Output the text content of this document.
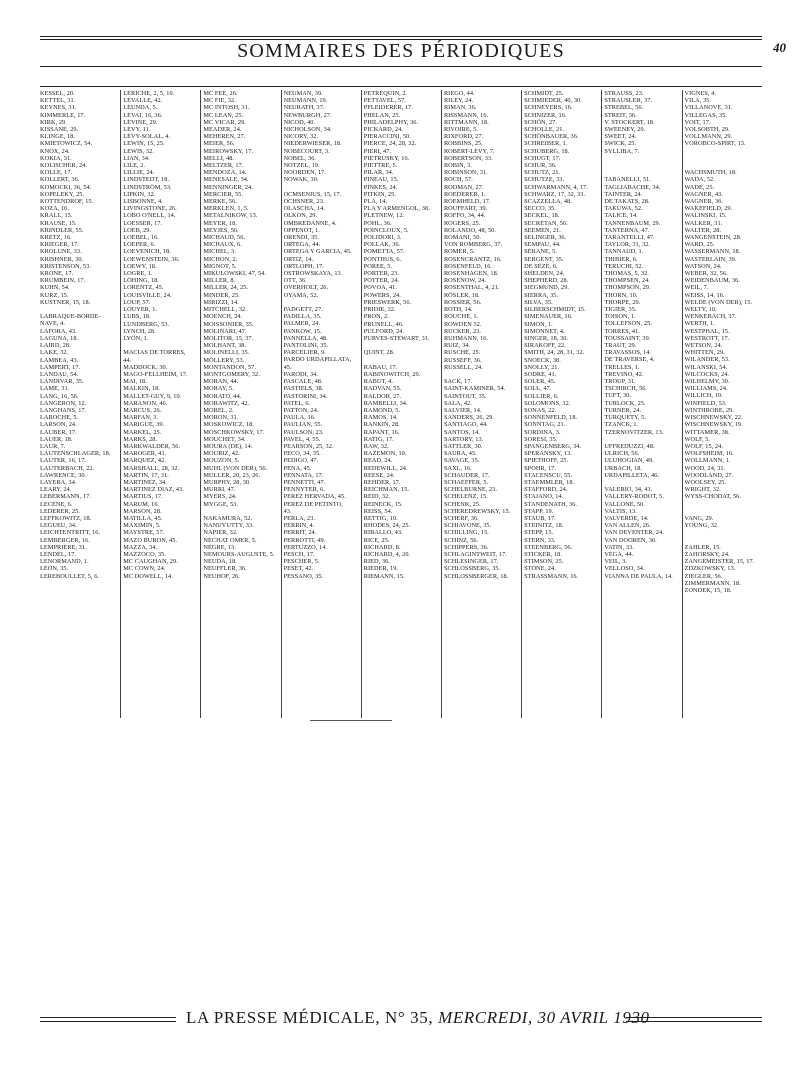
SOMMAIRES DES PÉRIODIQUES	40
KESSEL, 20.
KETTEL, 31.
KEYNES, 31.
KIMMERLE, 17.
KIRK, 29.
KISSANE, 29.
KLINGE, 18.
KMIETOWICZ, 54.
KNOX, 24.
KOKIA, 31.
KOLISCHER, 24.
KOLLE, 17.
KOLLERT, 36.
KOMOCKI, 36, 54.
KOPELEKY, 25.
KOTTENDROF, 15.
KOZA, 16.
KRALL, 15.
KRAUSE, 15.
KRINDLER, 55.
KRETZ, 16.
KRIEGER, 17.
KROLUNE, 33.
KRISHNER, 30.
KRISTENSON, 53.
KRONE, 17.
KRUMBEIN, 17.
KUHN, 54.
KURZ, 15.
KUSTNER, 15, 18.
LABRAQUE-BORDE-
NAVE, 4.
LAFORA, 43.
LAGUNA, 18.
LAIRD, 28.
LAKE, 32.
LAMBEA, 43.
LAMPERT, 17.
LANDAU, 54.
LANDIVAR, 35.
LAME, 31.
LANG, 16, 56.
LANGERON, 12.
LANGHANS, 17.
LAROCHE, 5.
LARSON, 24.
LAUBER, 17.
LAUER, 18.
LAUR, 7.
LAUTENSCHLAGER, 18.
LAUTER, 16, 17.
LAUTERBACH, 22.
LAWRENCE, 30.
LAYERA, 34.
LEARY, 24.
LEBERMANN, 17.
LECÈNE, 6.
LEDERER, 25.
LEFFKOWITZ, 18.
LEGUEU, 34.
LEICHTENTRITT, 16.
LEMBERGER, 16.
LEMPRIÈRE, 31.
LENDEL, 17.
LENORMAND, 1.
LÉON, 35.
LEREBOULLET, 5, 6.
LERICHE, 2, 5, 10.
LEVALLE, 42.
LÉUNDA, 5.
LÉVAI, 16, 36.
LÉVINE, 29.
LÉVY, 11.
LÉVY-SOLAL, 4.
LEWIN, 15, 25.
LEWIS, 32.
LIAN, 34.
LILE, 2.
LILLIE, 24.
LINDSTEDT, 18.
LINDSTRÖM, 53.
LIPKIN, 32.
LISBONNE, 4.
LIVINGSTONE, 26.
LOBO O'NELL, 14.
LOESSER, 17.
LOEB, 29.
LOEBEL, 16.
LOEPER, 6.
LOEVENICH, 18.
LOEWENSTEIN, 36.
LOEWY, 18.
LOGRE, 1.
LÖHING, 18.
LORENTZ, 45.
LOUISVILLE, 24.
LOUP, 57.
LOUYER, 1.
LUBS, 18.
LUNDBERG, 53.
LYNCH, 28.
LYON, 1.
MACIAS DE TORRES,
44.
MADDOCK, 30.
MAGO-FELLHEIM, 17.
MAI, 18.
MALKIN, 18.
MALLET-GUY, 9, 10.
MARANON, 46.
MARCUS, 26.
MARFAN, 3.
MARIGUE, 39.
MARKEL, 25.
MARKS, 28.
MARKWALDER, 56.
MAROGER, 41.
MARQUEZ, 42.
MARSHALL, 28, 32.
MARTIN, 17, 31.
MARTINEZ, 34.
MARTINEZ DIAZ, 43.
MARTIUS, 17.
MARUM, 16.
MARSON, 28.
MATILLA, 45.
MAXIMIN, 5.
MAYSTRE, 57.
MAZO BURON, 45.
MAZZA, 34.
MAZZOCO, 35.
MC CAUGHAN, 29.
MC COWN, 24.
MC DOWELL, 14.
MC FEE, 26.
MC FIE, 32.
MC INTOSH, 31.
MC LEAN, 25.
MC VICAR, 29.
MEADER, 24.
MEHEREN, 27.
MEIER, 56.
MEIROWSKY, 17.
MELLI, 48.
MELTZER, 17.
MENDOZA, 14.
MENESALE, 34.
MENNINGER, 24.
MERCIER, 55.
MERKE, 56.
MERKLEN, 1, 5.
METALNIKOW, 13.
MEYER, 18.
MEYJES, 56.
MICHAUD, 56.
MICHAUX, 6.
MICHEL, 3.
MICHON, 2.
MIGNOT, 5.
MIKULOWSKI, 47, 54.
MILLER, 8.
MILLER, 24, 25.
MINDER, 25.
MIRIZZI, 14.
MITCHELL, 32.
MOENCH, 24.
MOISSONIER, 35.
MOLINARI, 47.
MOLITOR, 15, 37.
MOLHANT, 38.
MOLINELLI, 35.
MÖLLERY, 53.
MONTANDON, 57.
MONTGOMERY, 32.
MORAN, 44.
MORAY, 5.
MORATO, 44.
MORAWITZ, 42.
MOREL, 2.
MORON, 31.
MOSKOWICZ, 18.
MOSCHKOWSKY, 17.
MOUCHET, 34.
MOURA (DE), 14.
MOURIZ, 42.
MOUZON, 5.
MUHL (VON DER), 56.
MULLER, 20, 23, 26.
MURPHY, 28, 30.
MURRI, 47.
MYERS, 24.
MYGGE, 53.
NAKAMURA, 52.
NANUVUTTY, 33.
NAPIER, 32.
NÉCHAT OMER, 5.
NÈGRE, 13.
NEMOURS-AUGUSTE, 5.
NEUDA, 18.
NEUFFLER, 36.
NEUHOF, 26.
NEUMAN, 39.
NEUMANN, 19.
NEURATH, 37.
NEWBURGH, 27.
NICOD, 40.
NICHOLSON, 34.
NICORY, 32.
NIEDERWIESER, 18.
NOBÉCOURT, 3.
NOBEL, 36.
NOTZEL, 19.
NOORDEN, 17.
NOWAK, 30.
OCMSENIUS, 15, 17.
OCHSNER, 23.
OLASCHA, 14.
OLKON, 29.
OMBRÉDANNE, 4.
OPPENOT, 1.
ORENDI, 35.
ORTEGA, 44.
ORTEGA Y GARCIA, 45.
ORTIZ, 14.
ORTLOPH, 17.
OSTROWSKAYA, 13.
OTT, 36.
OVERHOLT, 26.
OYAMA, 52.
PADGETT, 27.
PADILLA, 35.
PALMER, 24.
PANKOW, 15.
PANNELLA, 48.
PANTOLINI, 35.
PARCELIER, 9.
PARDO URDAPILLATA,
45.
PARODI, 34.
PASCALE, 48.
PASTIELS, 38.
PASTORINI, 34.
PATEL, 6.
PATTON, 24.
PAULA, 16.
PAULIAN, 55.
PAULSON, 23.
PAVEL, 4, 55.
PEARSON, 25, 32.
PECO, 34, 35.
PEDIGO, 47.
PENA, 45.
PENNATA, 17.
PENNETTI, 47.
PENNYTER, 6.
PEREZ HERVADA, 45.
PEREZ DE PETINTO,
43.
PERLA, 23.
PERRIN, 4.
PERRIT, 24.
PERROTTI, 49.
PERTUZZO, 14.
PESCH, 17.
PESCHER, 5.
PESET, 42.
PESSANO, 35.
PETREQUIN, 2.
PETTAVEL, 57.
PFLEIDERER, 17.
PHELAN, 25.
PHILADELPHY, 36.
PICKARD, 24.
PIERACCINI, 50.
PIERCE, 24, 28, 32.
PIERI, 47.
PIETRUSKY, 16.
PIETTRE, 5.
PILAR, 34.
PINEAU, 15.
PINKES, 24.
PITKIN, 25.
PLA, 14.
PLA Y ARMENGOL, 38.
PLETNEW, 12.
POHL, 36.
POINCLOUX, 5.
POLIDORI, 3.
POLLAK, 36.
POMETTA, 57.
PONTHUS, 6.
POREE, 5.
PORTER, 23.
POTTER, 24.
POVOA, 41.
POWERS, 24.
PRIESWERK, 56.
PRIDIE, 32.
PRON, 2.
PRUNELL, 46.
PULFORD, 24.
PURVES-STEWART, 31.
QUINT, 28.
RABAU, 17.
RABINOWITCH, 29.
RABUT, 4.
RADVAN, 55.
RALDOR, 27.
RAMBELLI, 34.
RAMOND, 5.
RAMOS, 14.
RANKIN, 28.
RAPANT, 16.
RATIG, 17.
RAW, 32.
RAZEMON, 10.
READ, 24.
REDEWILL, 24.
REESE, 24.
REHDER, 17.
REICHMAN, 15.
REID, 32.
REINECK, 15.
REISS, 54.
RETTIG, 19.
RHODES, 24, 25.
RIBALLO, 43.
RICE, 25.
RICHARD, 8.
RICHARD, 4, 20.
RIED, 36.
RIEDER, 19.
RIEMANN, 15.
RIEGO, 44.
RILEY, 24.
RIMAN, 36.
RISSMANN, 16.
RITTMANN, 18.
RIVOIRE, 5.
RIXFORD, 27.
ROBBINS, 25.
ROBERT-LÉVY, 7.
ROBERTSON, 33.
ROBIN, 3.
ROBINSON, 31.
ROCH, 57.
RODMAN, 27.
ROEDERER, 1.
ROEMHELD, 17.
ROUFFART, 39.
ROFFO, 34, 44.
ROGERS, 25.
ROLANDO, 48, 50.
ROMANI, 50.
VON ROMBERG, 37.
ROMER, 5.
ROSENCRANTZ, 16.
ROSENFELD, 16.
ROSENHAGEN, 18.
ROSENOW, 24.
ROSENTHAL, 4, 21.
RÖSLER, 18.
ROSSIER, 56.
ROTH, 14.
ROUCHÉ, 1.
ROWDEN 32.
RUCKER, 23.
RUHMANN, 16.
RUIZ, 34.
RUSCHE, 25.
RUSSEFF, 36.
RUSSELL, 24.
SACK, 17.
SAINT-KAMINER, 54.
SAINTOUT, 35.
SALA, 42.
SALVIER, 14.
SANDERS, 26, 29.
SANTIAGO, 44.
SANTOS, 14.
SARTORY, 13.
SATTLER, 30.
SAURA, 45.
SAVAGE, 35.
SAXL, 16.
SCHAUDER, 17.
SCHAEFFER, 5.
SCHELBURNE, 23.
SCHELENZ, 15.
SCHENK, 25.
SCHEREDREWSKY, 15.
SCHERF, 36.
SCHIAVONE, 35.
SCHILLING, 15.
SCHINZ, 56.
SCHIPPERS, 36.
SCHLAGINTWEIT, 17.
SCHLESINGER, 17.
SCHLOSSBERG, 35.
SCHLOSSBERGER, 18.
SCHMIDT, 25.
SCHMIEDER, 40, 30.
SCHNEYERS, 16.
SCHNIZER, 16.
SCHÖN, 27.
SCHOLLE, 21.
SCHÖNBAUER, 36.
SCHREIBER, 1.
SCHUBERG, 18.
SCHUGT, 17.
SCHUR, 36.
SCHUTZ, 21.
SCHUTZE, 33.
SCHWARMANN, 4, 17.
SCHWARZ, 17, 32, 33.
SCAZZELLA, 48.
SECCO, 35.
SECKEL, 18.
SECRÉTAN, 56.
SEEMEN, 21.
SELINGER, 36.
SEMPAU, 44.
SÉRANE, 5.
SERGENT, 35.
DE SÈZE, 6.
SHELDEN, 24.
SHEPHERD, 28.
SIEGMUND, 29.
SIERRA, 35.
SILVA, 35.
SILBERSCHMIDT, 15.
SIMENAUER, 16.
SIMON, 1.
SIMONNET, 4.
SINGER, 18, 30.
SIRAKOFF, 22.
SMITH, 24, 28, 31, 32.
SNOECK, 38.
SNOLLY, 21.
SODRÉ, 41.
SOLER, 45.
SOLL, 47.
SOLLIER, 6.
SOLOMONS, 32.
SONAS, 22.
SONNENFELD, 18.
SONNTAG, 21.
SORDINA, 3.
SORESI, 35.
SPANGENBERG, 34.
SPERANSKY, 13.
SPIETHOFF, 25.
SPOHR, 17.
STACENSCU, 55.
STAEMMLER, 18.
STAFFORD, 24.
STAJANO, 14.
STANDENATH, 36.
STAPP, 19.
STAUB, 17.
STEINITZ, 18.
STEPP, 15.
STERN, 33.
STEENBERG, 56.
STICKER, 18.
STIMSON, 25.
STONE, 24.
STRASSMANN, 16.
STRAUSS, 23.
STRAUSLER, 37.
STREBEL, 56.
STREIT, 36.
V. STOCKERT, 18.
SWEENEY, 29.
SWEET, 24.
SWICK, 25.
SYLLIBA, 7.
TABANELLI, 51.
TAGLIABACHE, 34.
TAINTER, 24.
DE TAKATS, 28.
TAKUWA, 52.
TALICE, 14.
TANNENBAUM, 29.
TANTERNA, 47.
TARANTELLI, 47.
TAYLOR, 31, 32.
TANNAUD, 1.
THIBIER, 6.
TERUCHI, 52.
THOMAS, 5, 32.
THOMPSEN, 24.
THOMPSON, 29.
THORN, 10.
THORPE, 29.
TIGIER, 35.
TOISON, 1.
TOLLEFSON, 25.
TORRES, 41.
TOUSSAINT, 39.
TRAUT, 29.
TRAVASSOS, 14.
DE TRAVERSE, 4.
TRELLES, 1.
TREVINO, 42.
TROUP, 31.
TSCHIRCH, 56.
TUFT, 30.
TURLOCK, 25.
TURNER, 24.
TURQUETY, 5.
TZANCK, 1.
TZERNOVITZER, 13.
UFFREDUZZI, 48.
ULRICH, 56.
ULUHOGIAN, 49.
URBACH, 18.
URDAPILLETA, 46.
VALERIO, 34, 41.
VALLERY-RODOT, 5.
VALLONE, 50.
VALTIS, 13.
VALVERDE, 14.
VAN ALLEN, 26.
VAN DEVENTER, 24.
VAN DOOREN, 30.
VATIN, 33.
VÉGA, 44.
VEIL, 3.
VELLOSO, 34.
VIANNA DE PAULA, 14.
VIGNES, 4.
VILA, 35.
VILLANOVE, 31.
VILLEGAS, 35.
VOIT, 17.
VOLSOBTH, 29.
VOLLMANN, 29.
VOROBCO-SPIRT, 13.
WACHSMUTH, 18.
WADA, 52.
WADE, 25.
WAGNER, 43.
WAGNER, 36.
WAKEFIELD, 29.
WALINSKI, 15.
WALKER, 31.
WALTER, 28.
WANGENSTEIN, 28.
WARD, 25.
WASSERMANN, 18.
WASTERLAIN, 39.
WATSON, 24.
WEBER, 32, 56.
WEIDENBAUM, 36.
WEIL, 7.
WEISS, 14, 16.
WELDE (VON DER), 15.
WELTY, 10.
WENKEBACH, 37.
WERTH, 1.
WESTPHAL, 15.
WESTROTT, 17.
WETSON, 24.
WHITTEN, 29.
WILANDER, 53.
WILANSKI, 54.
WILCOCKS, 24.
WILHELMY, 30.
WILLIAMS, 24.
WILLICH, 19.
WINFIELD, 53.
WINTHROBE, 29.
WISCHNEWSKY, 22.
WISCHNEWSKY, 19.
WITTAMER, 38.
WOLF, 5.
WOLF, 15, 24.
WOLFSHEIM, 16.
WOLLMANN, 1.
WOOD, 24, 31.
WOODLAND, 27.
WOOLSEY, 25.
WRIGHT, 32.
WYSS-CHODAT, 56.
VANG, 29.
YOUNG, 32.
ZAHLER, 15.
ZAHORSKY, 24.
ZANGEMEISTER, 15, 17.
ZDZKOWSKY, 13.
ZIEGLER, 56.
ZIMMERMANN, 18.
ZONDEK, 15, 18.
LA PRESSE MÉDICALE, N° 35, MERCREDI, 30 AVRIL 1930
